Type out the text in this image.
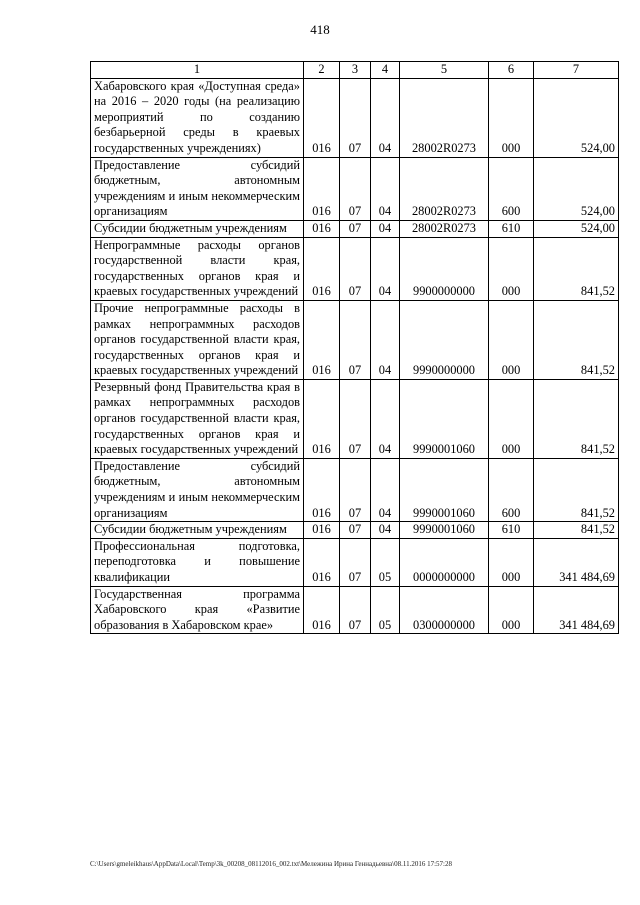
418
1	2	3	4	5	6	7
Хабаровского края «Доступная среда» на 2016 – 2020 годы (на реализацию мероприятий по созданию безбарьерной среды в краевых государственных учреждениях)	016	07	04	28002R0273	000	524,00
Предоставление субсидий бюджетным, автономным учреждениям и иным некоммерческим организациям	016	07	04	28002R0273	600	524,00
Субсидии бюджетным учреждениям	016	07	04	28002R0273	610	524,00
Непрограммные расходы органов государственной власти края, государственных органов края и краевых государственных учреждений	016	07	04	9900000000	000	841,52
Прочие непрограммные расходы в рамках непрограммных расходов органов государственной власти края, государственных органов края и краевых государственных учреждений	016	07	04	9990000000	000	841,52
Резервный фонд Правительства края в рамках непрограммных расходов органов государственной власти края, государственных органов края и краевых государственных учреждений	016	07	04	9990001060	000	841,52
Предоставление субсидий бюджетным, автономным учреждениям и иным некоммерческим организациям	016	07	04	9990001060	600	841,52
Субсидии бюджетным учреждениям	016	07	04	9990001060	610	841,52
Профессиональная подготовка, переподготовка и повышение квалификации	016	07	05	0000000000	000	341 484,69
Государственная программа Хабаровского края «Развитие образования в Хабаровском крае»	016	07	05	0300000000	000	341 484,69
C:\Users\gmeleikhaus\AppData\Local\Temp\3k_00208_08112016_002.txt\Мележина Ирина Геннадьевна\08.11.2016 17:57:28
